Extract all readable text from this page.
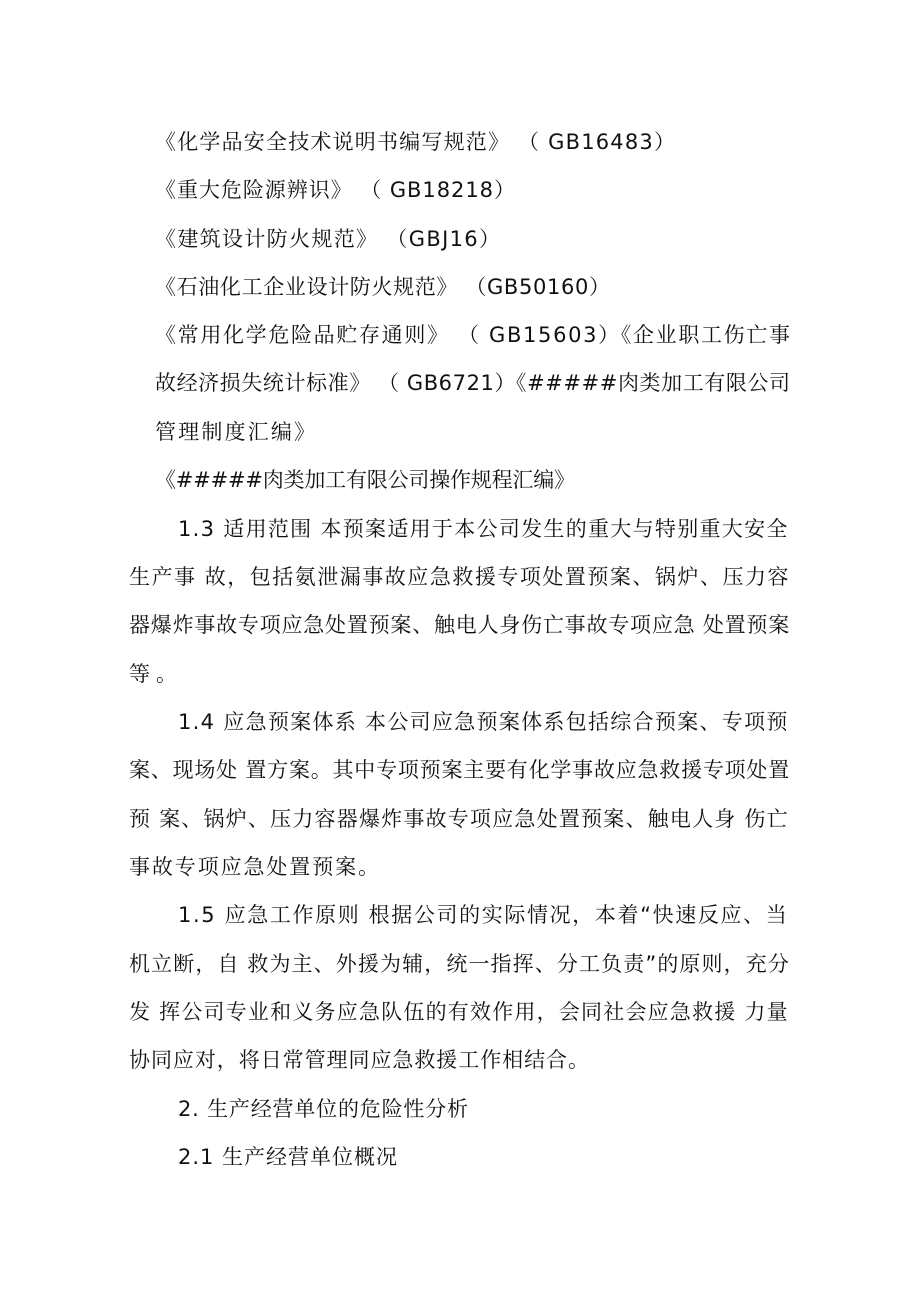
《化学品安全技术说明书编写规范》 （ GB16483）
《重大危险源辨识》 （ GB18218）
《建筑设计防火规范》 （GBJ16）
《石油化工企业设计防火规范》 （GB50160）
《常用化学危险品贮存通则》 （ GB15603）《企业职工伤亡事
故经济损失统计标准》 （ GB6721）《#####肉类加工有限公司
管理制度汇编》
《#####肉类加工有限公司操作规程汇编》
1.3 适用范围 本预案适用于本公司发生的重大与特别重大安全
生产事 故，包括氨泄漏事故应急救援专项处置预案、锅炉、压力容
器爆炸事故专项应急处置预案、触电人身伤亡事故专项应急 处置预案
等。
1.4 应急预案体系 本公司应急预案体系包括综合预案、专项预
案、现场处 置方案。其中专项预案主要有化学事故应急救援专项处置
预 案、锅炉、压力容器爆炸事故专项应急处置预案、触电人身 伤亡
事故专项应急处置预案。
1.5 应急工作原则 根据公司的实际情况，本着“快速反应、当
机立断，自 救为主、外援为辅，统一指挥、分工负责”的原则，充分
发 挥公司专业和义务应急队伍的有效作用，会同社会应急救援 力量
协同应对，将日常管理同应急救援工作相结合。
2. 生产经营单位的危险性分析
2.1 生产经营单位概况
